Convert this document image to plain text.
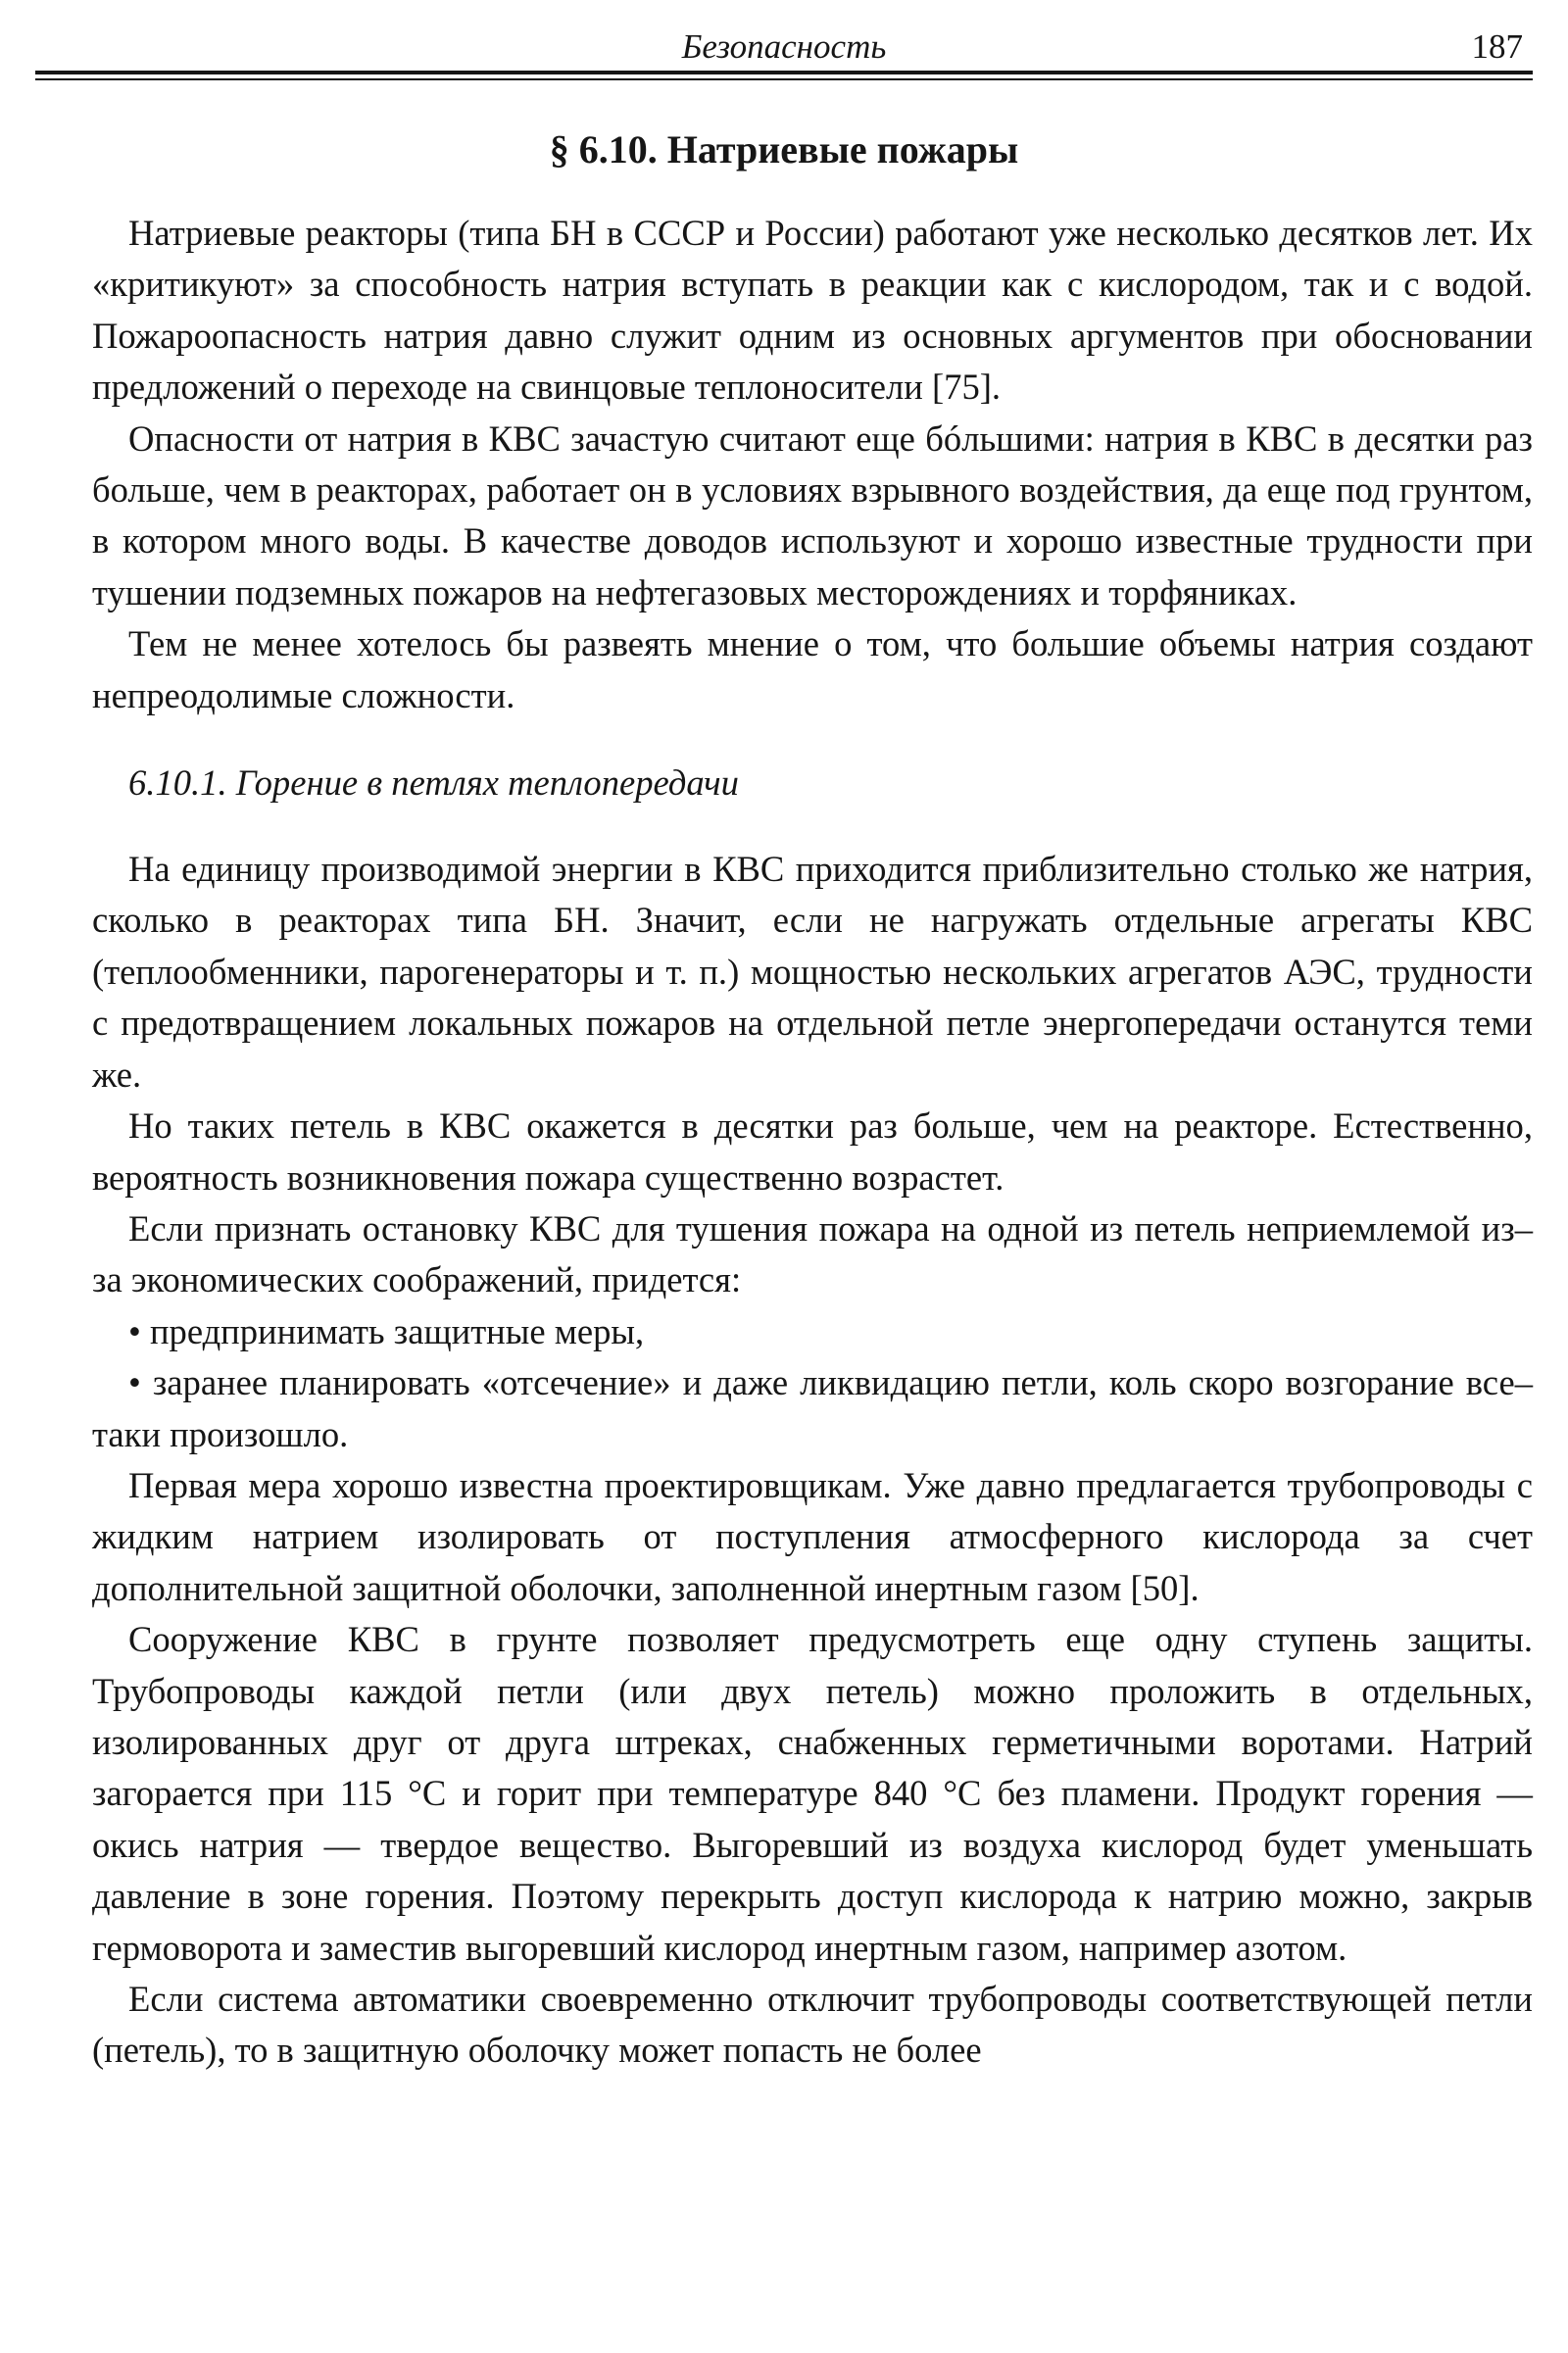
Безопасность	187
§ 6.10. Натриевые пожары

Натриевые реакторы (типа БН в СССР и России) работают уже несколько десятков лет. Их «критикуют» за способность натрия вступать в реакции как с кислородом, так и с водой. Пожароопасность натрия давно служит одним из основных аргументов при обосновании предложений о переходе на свинцовые теплоносители [75].

Опасности от натрия в КВС зачастую считают еще бóльшими: натрия в КВС в десятки раз больше, чем в реакторах, работает он в условиях взрывного воздействия, да еще под грунтом, в котором много воды. В качестве доводов используют и хорошо известные трудности при тушении подземных пожаров на нефтегазовых месторождениях и торфяниках.

Тем не менее хотелось бы развеять мнение о том, что большие объемы натрия создают непреодолимые сложности.

6.10.1. Горение в петлях теплопередачи

На единицу производимой энергии в КВС приходится приблизительно столько же натрия, сколько в реакторах типа БН. Значит, если не нагружать отдельные агрегаты КВС (теплообменники, парогенераторы и т. п.) мощностью нескольких агрегатов АЭС, трудности с предотвращением локальных пожаров на отдельной петле энергопередачи останутся теми же.

Но таких петель в КВС окажется в десятки раз больше, чем на реакторе. Естественно, вероятность возникновения пожара существенно возрастет.

Если признать остановку КВС для тушения пожара на одной из петель неприемлемой из–за экономических соображений, придется:

• предпринимать защитные меры,

• заранее планировать «отсечение» и даже ликвидацию петли, коль скоро возгорание все–таки произошло.

Первая мера хорошо известна проектировщикам. Уже давно предлагается трубопроводы с жидким натрием изолировать от поступления атмосферного кислорода за счет дополнительной защитной оболочки, заполненной инертным газом [50].

Сооружение КВС в грунте позволяет предусмотреть еще одну ступень защиты. Трубопроводы каждой петли (или двух петель) можно проложить в отдельных, изолированных друг от друга штреках, снабженных герметичными воротами. Натрий загорается при 115 °C и горит при температуре 840 °C без пламени. Продукт горения — окись натрия — твердое вещество. Выгоревший из воздуха кислород будет уменьшать давление в зоне горения. Поэтому перекрыть доступ кислорода к натрию можно, закрыв гермоворота и заместив выгоревший кислород инертным газом, например азотом.

Если система автоматики своевременно отключит трубопроводы соответствующей петли (петель), то в защитную оболочку может попасть не более
